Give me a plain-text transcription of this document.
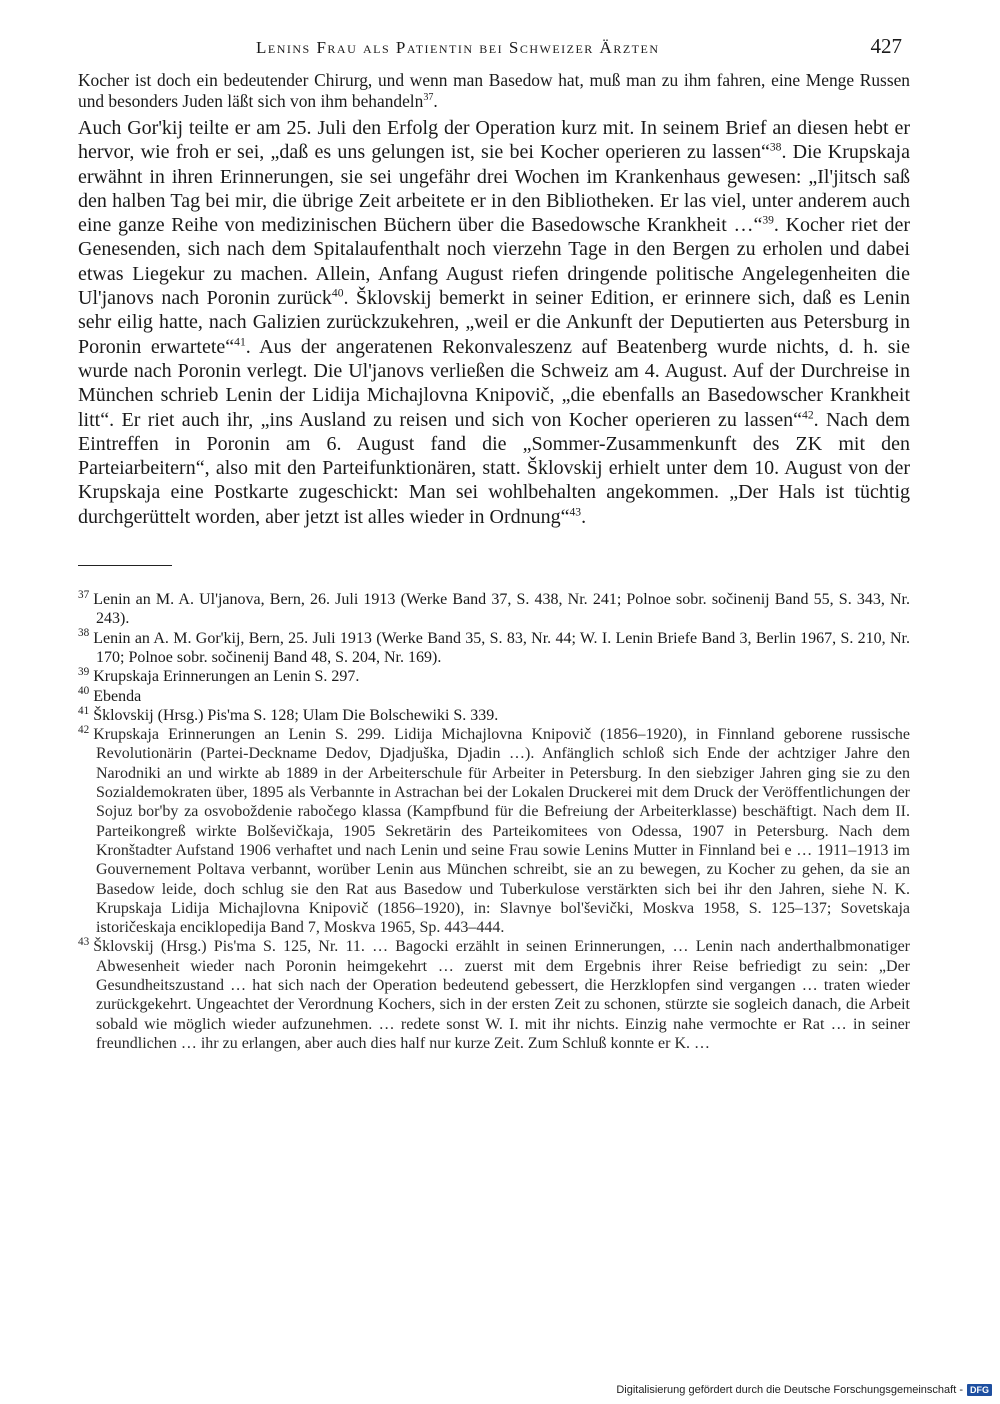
Lenins Frau als Patientin bei Schweizer Ärzten	427
Kocher ist doch ein bedeutender Chirurg, und wenn man Basedow hat, muß man zu ihm fahren, eine Menge Russen und besonders Juden läßt sich von ihm behandeln$^{37}$.
Auch Gor'kij teilte er am 25. Juli den Erfolg der Operation kurz mit. In seinem Brief an diesen hebt er hervor, wie froh er sei, „daß es uns gelungen ist, sie bei Kocher operieren zu lassen“$^{38}$. Die Krupskaja erwähnt in ihren Erinnerungen, sie sei ungefähr drei Wochen im Krankenhaus gewesen: „Il'jitsch saß den halben Tag bei mir, die übrige Zeit arbeitete er in den Bibliotheken. Er las viel, unter anderem auch eine ganze Reihe von medizinischen Büchern über die Basedowsche Krankheit …“$^{39}$. Kocher riet der Genesenden, sich nach dem Spitalaufenthalt noch vierzehn Tage in den Bergen zu erholen und dabei etwas Liegekur zu machen. Allein, Anfang August riefen dringende politische Angelegenheiten die Ul'janovs nach Poronin zurück$^{40}$. Šklovskij bemerkt in seiner Edition, er erinnere sich, daß es Lenin sehr eilig hatte, nach Galizien zurückzukehren, „weil er die Ankunft der Deputierten aus Petersburg in Poronin erwartete“$^{41}$. Aus der angeratenen Rekonvaleszenz auf Beatenberg wurde nichts, d. h. sie wurde nach Poronin verlegt. Die Ul'janovs verließen die Schweiz am 4. August. Auf der Durchreise in München schrieb Lenin der Lidija Michajlovna Knipovič, „die ebenfalls an Basedowscher Krankheit litt“. Er riet auch ihr, „ins Ausland zu reisen und sich von Kocher operieren zu lassen“$^{42}$. Nach dem Eintreffen in Poronin am 6. August fand die „Sommer-Zusammenkunft des ZK mit den Parteiarbeitern“, also mit den Parteifunktionären, statt. Šklovskij erhielt unter dem 10. August von der Krupskaja eine Postkarte zugeschickt: Man sei wohlbehalten angekommen. „Der Hals ist tüchtig durchgerüttelt worden, aber jetzt ist alles wieder in Ordnung“$^{43}$.
$^{37}$ Lenin an M. A. Ul'janova, Bern, 26. Juli 1913 (Werke Band 37, S. 438, Nr. 241; Polnoe sobr. sočinenij Band 55, S. 343, Nr. 243).
$^{38}$ Lenin an A. M. Gor'kij, Bern, 25. Juli 1913 (Werke Band 35, S. 83, Nr. 44; W. I. Lenin Briefe Band 3, Berlin 1967, S. 210, Nr. 170; Polnoe sobr. sočinenij Band 48, S. 204, Nr. 169).
$^{39}$ Krupskaja Erinnerungen an Lenin S. 297.
$^{40}$ Ebenda
$^{41}$ Šklovskij (Hrsg.) Pis'ma S. 128; Ulam Die Bolschewiki S. 339.
$^{42}$ Krupskaja Erinnerungen an Lenin S. 299. Lidija Michajlovna Knipovič (1856–1920), in Finnland geborene russische Revolutionärin (Partei-Deckname Dedov, Djadjuška, Djadin …). Anfänglich schloß sich Ende der achtziger Jahre den Narodniki an und wirkte ab 1889 in der Arbeiterschule für Arbeiter in Petersburg. In den siebziger Jahren ging sie zu den Sozialdemokraten über, 1895 als Verbannte in Astrachan bei der Lokalen Druckerei mit dem Druck der Veröffentlichungen der Sojuz bor'by za osvoboždenie rabočego klassa (Kampfbund für die Befreiung der Arbeiterklasse) beschäftigt. Nach dem II. Parteikongreß wirkte Bolševičkaja, 1905 Sekretärin des Parteikomitees von Odessa, 1907 in Petersburg. Nach dem Kronštadter Aufstand 1906 verhaftet und nach Lenin und seine Frau sowie Lenins Mutter in Finnland bei e … 1911–1913 im Gouvernement Poltava verbannt, worüber Lenin aus München schreibt, sie an zu bewegen, zu Kocher zu gehen, da sie an Basedow leide, doch schlug sie den Rat aus Basedow und Tuberkulose verstärkten sich bei ihr den Jahren, siehe N. K. Krupskaja Lidija Michajlovna Knipovič (1856–1920), in: Slavnye bol'ševički, Moskva 1958, S. 125–137; Sovetskaja istoričeskaja enciklopedija Band 7, Moskva 1965, Sp. 443–444.
$^{43}$ Šklovskij (Hrsg.) Pis'ma S. 125, Nr. 11. … Bagocki erzählt in seinen Erinnerungen, … Lenin nach anderthalbmonatiger Abwesenheit wieder nach Poronin heimgekehrt … zuerst mit dem Ergebnis ihrer Reise befriedigt zu sein: „Der Gesundheitszustand … hat sich nach der Operation bedeutend gebessert, die Herzklopfen sind vergangen … traten wieder zurückgekehrt. Ungeachtet der Verordnung Kochers, sich in der ersten Zeit zu schonen, stürzte sie sogleich danach, die Arbeit sobald wie möglich wieder aufzunehmen. … redete sonst W. I. mit ihr nichts. Einzig nahe vermochte er Rat … in seiner freundlichen … ihr zu erlangen, aber auch dies half nur kurze Zeit. Zum Schluß konnte er K. …
Digitalisierung gefördert durch die Deutsche Forschungsgemeinschaft - DFG
